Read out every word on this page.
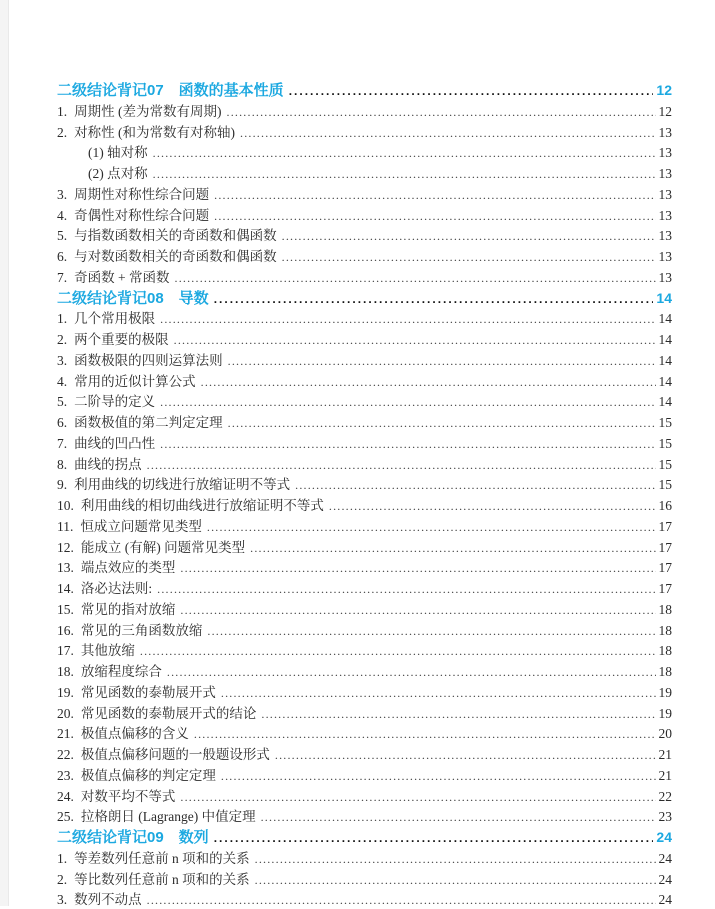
二级结论背记07　函数的基本性质 .....	12
1. 周期性 (差为常数有周期) .....	12
2. 对称性 (和为常数有对称轴) .....	13
(1) 轴对称 .....	13
(2) 点对称 .....	13
3. 周期性对称性综合问题 .....	13
4. 奇偶性对称性综合问题 .....	13
5. 与指数函数相关的奇函数和偶函数 .....	13
6. 与对数函数相关的奇函数和偶函数 .....	13
7. 奇函数 + 常函数 .....	13
二级结论背记08　导数 .....	14
1. 几个常用极限 .....	14
2. 两个重要的极限 .....	14
3. 函数极限的四则运算法则 .....	14
4. 常用的近似计算公式 .....	14
5. 二阶导的定义 .....	14
6. 函数极值的第二判定定理 .....	15
7. 曲线的凹凸性 .....	15
8. 曲线的拐点 .....	15
9. 利用曲线的切线进行放缩证明不等式 .....	15
10. 利用曲线的相切曲线进行放缩证明不等式 .....	16
11. 恒成立问题常见类型 .....	17
12. 能成立 (有解) 问题常见类型 .....	17
13. 端点效应的类型 .....	17
14. 洛必达法则: .....	17
15. 常见的指对放缩 .....	18
16. 常见的三角函数放缩 .....	18
17. 其他放缩 .....	18
18. 放缩程度综合 .....	18
19. 常见函数的泰勒展开式 .....	19
20. 常见函数的泰勒展开式的结论 .....	19
21. 极值点偏移的含义 .....	20
22. 极值点偏移问题的一般题设形式 .....	21
23. 极值点偏移的判定定理 .....	21
24. 对数平均不等式 .....	22
25. 拉格朗日 (Lagrange) 中值定理 .....	23
二级结论背记09　数列 .....	24
1. 等差数列任意前 n 项和的关系 .....	24
2. 等比数列任意前 n 项和的关系 .....	24
3. 数列不动点 .....	24
